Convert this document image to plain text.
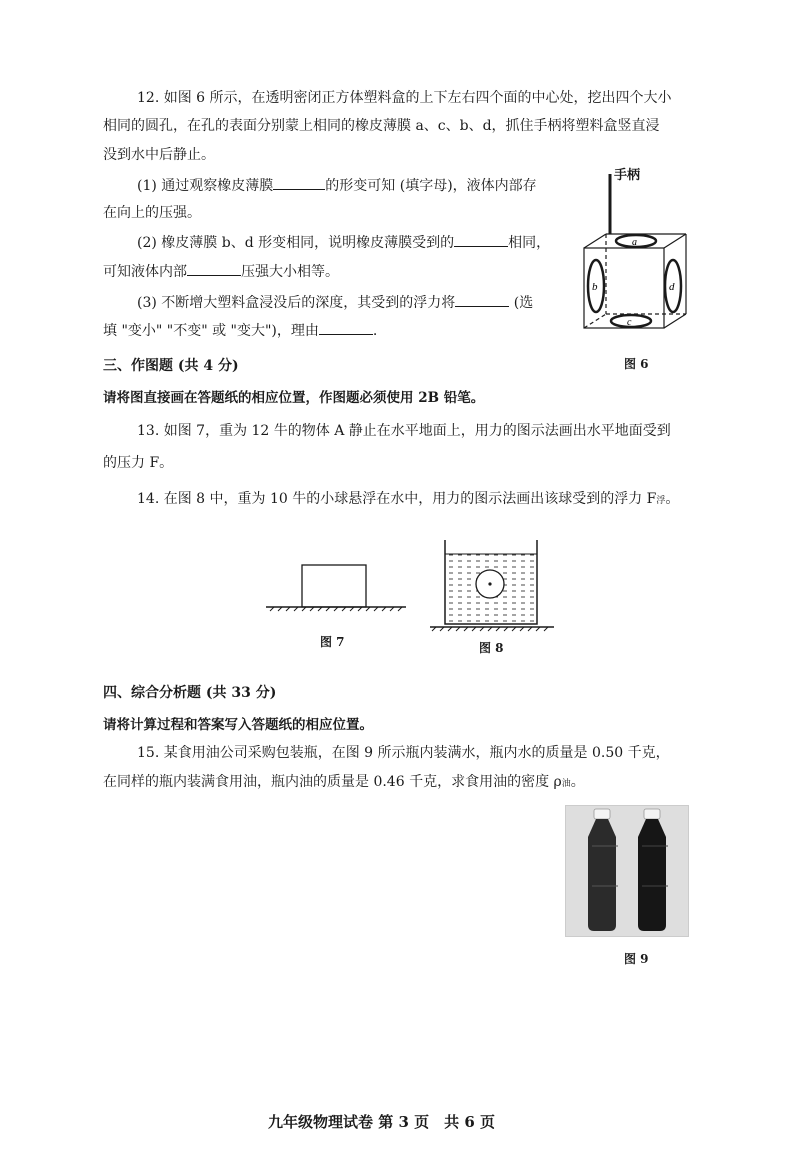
12. 如图 6 所示，在透明密闭正方体塑料盒的上下左右四个面的中心处，挖出四个大小
相同的圆孔，在孔的表面分别蒙上相同的橡皮薄膜 a、c、b、d，抓住手柄将塑料盒竖直浸
没到水中后静止。
(1) 通过观察橡皮薄膜	的形变可知 (填字母)，液体内部存
在向上的压强。
(2) 橡皮薄膜 b、d 形变相同，说明橡皮薄膜受到的	相同，
可知液体内部	压强大小相等。
(3) 不断增大塑料盒浸没后的深度，其受到的浮力将	(选
填 "变小" "不变" 或 "变大")，理由	.
a
b
c
d
手柄
图 6
三、作图题 (共 4 分)
请将图直接画在答题纸的相应位置，作图题必须使用 2B 铅笔。
13. 如图 7，重为 12 牛的物体 A 静止在水平地面上，用力的图示法画出水平地面受到
的压力 F。
14. 在图 8 中，重为 10 牛的小球悬浮在水中，用力的图示法画出该球受到的浮力 F浮。
图 7	图 8
四、综合分析题 (共 33 分)
请将计算过程和答案写入答题纸的相应位置。
15. 某食用油公司采购包装瓶，在图 9 所示瓶内装满水，瓶内水的质量是 0.50 千克，
在同样的瓶内装满食用油，瓶内油的质量是 0.46 千克，求食用油的密度 ρ油。
图 9
九年级物理试卷 第 3 页　共 6 页
